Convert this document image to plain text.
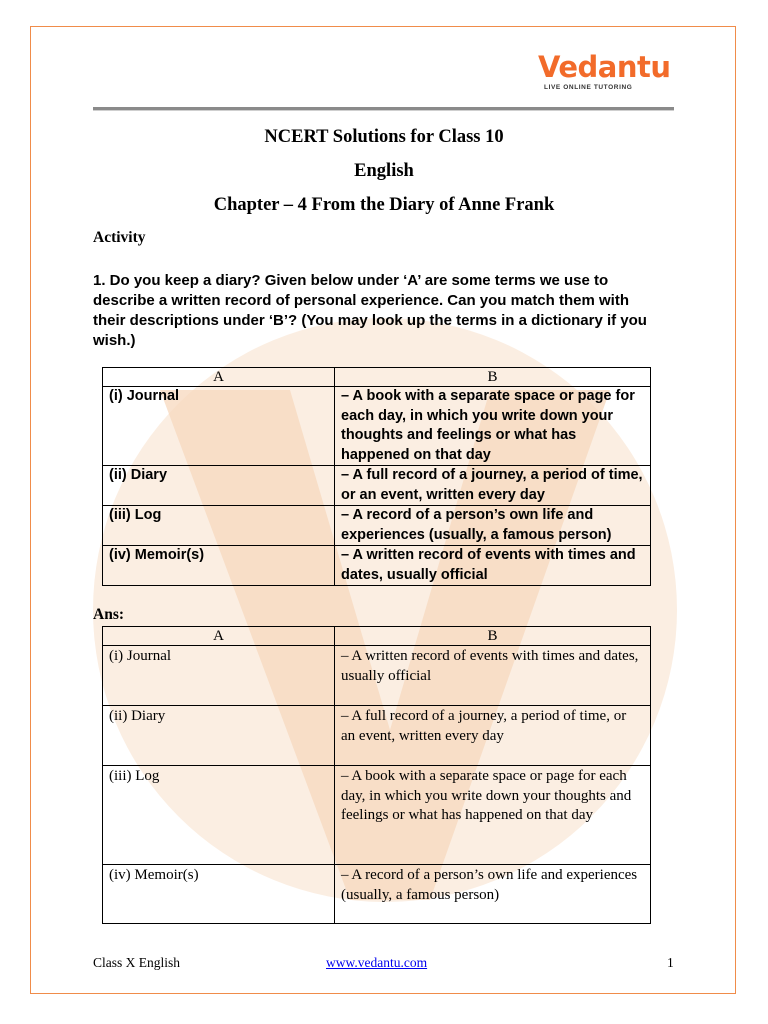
Vedantu
LIVE ONLINE TUTORING
NCERT Solutions for Class 10
English
Chapter – 4 From the Diary of Anne Frank
Activity
1. Do you keep a diary? Given below under ‘A’ are some terms we use to describe a written record of personal experience. Can you match them with their descriptions under ‘B’? (You may look up the terms in a dictionary if you wish.)
A	B
(i) Journal	– A book with a separate space or page for each day, in which you write down your thoughts and feelings or what has happened on that day
(ii) Diary	– A full record of a journey, a period of time, or an event, written every day
(iii) Log	– A record of a person’s own life and experiences (usually, a famous person)
(iv) Memoir(s)	– A written record of events with times and dates, usually official
Ans:
A	B
(i) Journal	– A written record of events with times and dates, usually official
(ii) Diary	– A full record of a journey, a period of time, or an event, written every day
(iii) Log	– A book with a separate space or page for each day, in which you write down your thoughts and feelings or what has happened on that day
(iv) Memoir(s)	– A record of a person’s own life and experiences (usually, a famous person)
Class X English	www.vedantu.com	1
